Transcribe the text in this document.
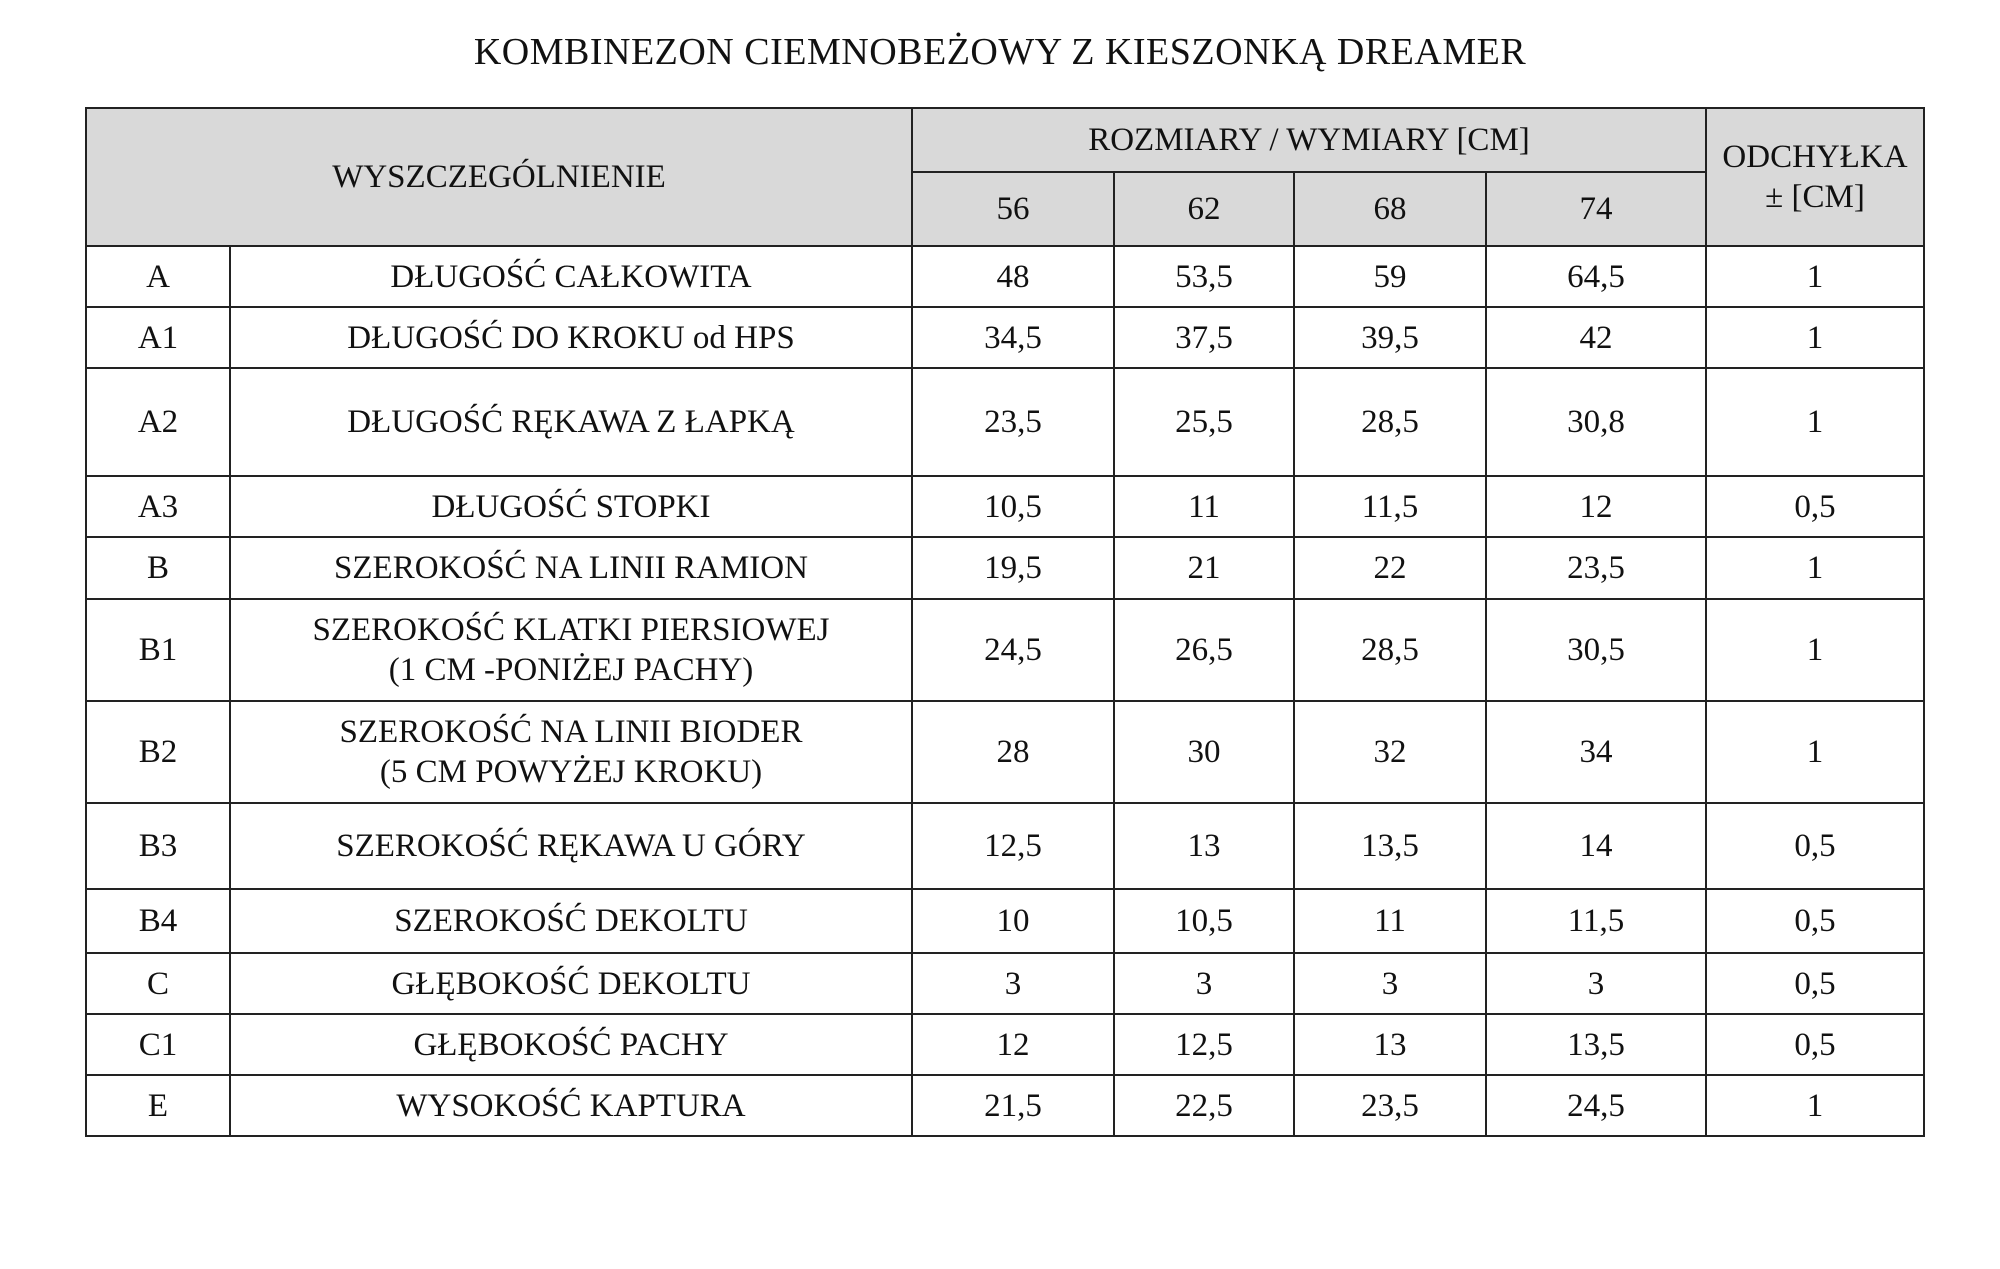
KOMBINEZON CIEMNOBEŻOWY Z KIESZONKĄ DREAMER
WYSZCZEGÓLNIENIE		ROZMIARY / WYMIARY [CM]				ODCHYŁKA
± [CM]

		56	62	68	74	
A	DŁUGOŚĆ CAŁKOWITA	48	53,5	59	64,5	1
A1	DŁUGOŚĆ DO KROKU od HPS	34,5	37,5	39,5	42	1
A2	DŁUGOŚĆ RĘKAWA Z ŁAPKĄ	23,5	25,5	28,5	30,8	1
A3	DŁUGOŚĆ STOPKI	10,5	11	11,5	12	0,5
B	SZEROKOŚĆ NA LINII RAMION	19,5	21	22	23,5	1
B1	SZEROKOŚĆ KLATKI PIERSIOWEJ
(1 CM -PONIŻEJ PACHY)	24,5	26,5	28,5	30,5	1
B2	SZEROKOŚĆ NA LINII BIODER
(5 CM POWYŻEJ KROKU)	28	30	32	34	1
B3	SZEROKOŚĆ RĘKAWA U GÓRY	12,5	13	13,5	14	0,5
B4	SZEROKOŚĆ DEKOLTU	10	10,5	11	11,5	0,5
C	GŁĘBOKOŚĆ DEKOLTU	3	3	3	3	0,5
C1	GŁĘBOKOŚĆ PACHY	12	12,5	13	13,5	0,5
E	WYSOKOŚĆ KAPTURA	21,5	22,5	23,5	24,5	1
